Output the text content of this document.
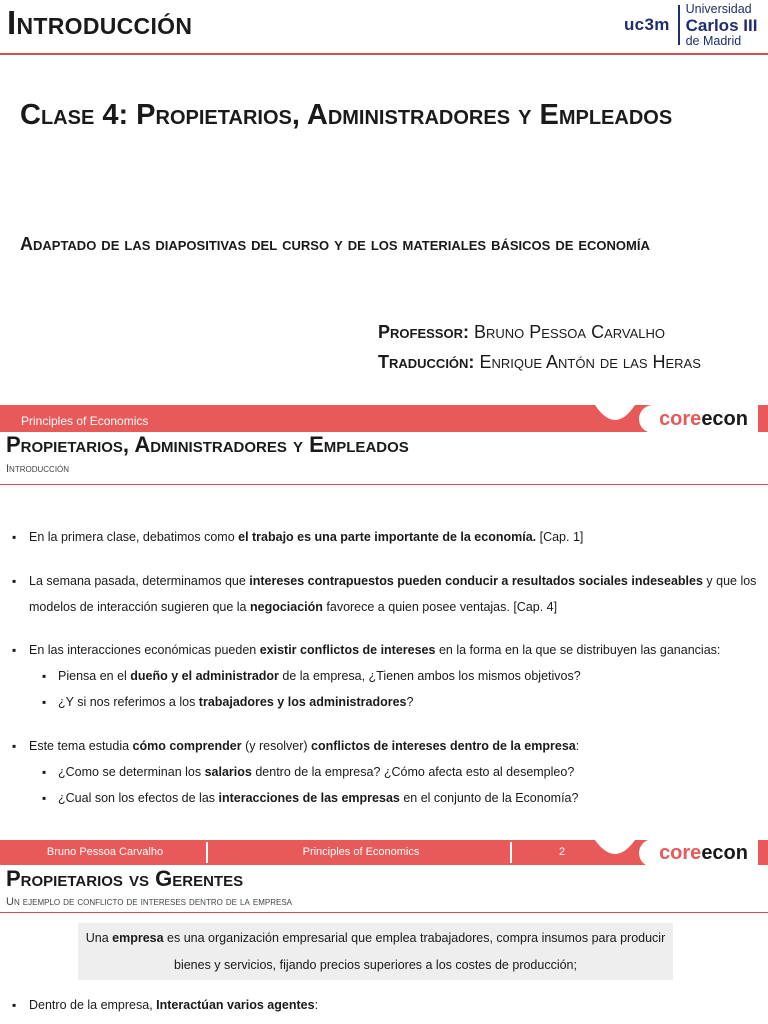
Introducción	uc3m
Universidad
Carlos III
de Madrid
Clase 4: Propietarios, Administradores y Empleados
Adaptado de las diapositivas del curso y de los materiales básicos de economía
Professor: Bruno Pessoa Carvalho
Traducción: Enrique Antón de las Heras
Principles of Economics	coreecon
Propietarios, Administradores y Empleados
Introducción

▪ En la primera clase, debatimos como el trabajo es una parte importante de la economía. [Cap. 1]

▪ La semana pasada, determinamos que intereses contrapuestos pueden conducir a resultados sociales indeseables y que los modelos de interacción sugieren que la negociación favorece a quien posee ventajas. [Cap. 4]

▪ En las interacciones económicas pueden existir conflictos de intereses en la forma en la que se distribuyen las ganancias:

▪ Piensa en el dueño y el administrador de la empresa, ¿Tienen ambos los mismos objetivos?

▪ ¿Y si nos referimos a los trabajadores y los administradores?

▪ Este tema estudia cómo comprender (y resolver) conflictos de intereses dentro de la empresa:

▪ ¿Como se determinan los salarios dentro de la empresa? ¿Cómo afecta esto al desempleo?

▪ ¿Cual son los efectos de las interacciones de las empresas en el conjunto de la Economía?

Bruno Pessoa Carvalho	Principles of Economics	2	coreecon
Propietarios vs Gerentes
Un ejemplo de conflicto de intereses dentro de la empresa
Una empresa es una organización empresarial que emplea trabajadores, compra insumos para producir bienes y servicios, fijando precios superiores a los costes de producción;

▪ Dentro de la empresa, Interactúan varios agentes:
